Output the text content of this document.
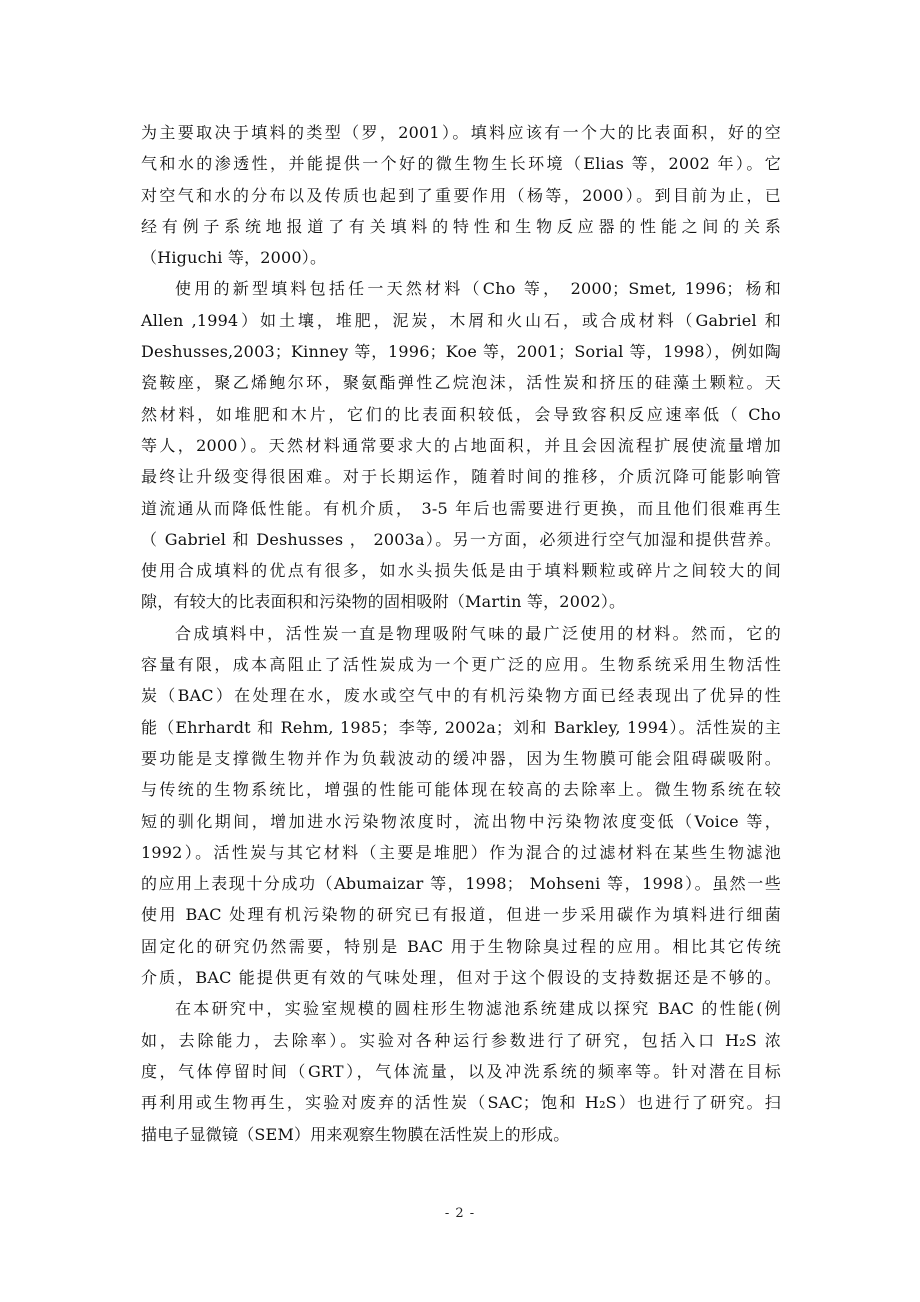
为主要取决于填料的类型（罗，2001）。填料应该有一个大的比表面积，好的空
气和水的渗透性，并能提供一个好的微生物生长环境（Elias 等，2002 年）。它
对空气和水的分布以及传质也起到了重要作用（杨等，2000）。到目前为止，已
经有例子系统地报道了有关填料的特性和生物反应器的性能之间的关系
（Higuchi 等，2000）。
使用的新型填料包括任一天然材料（Cho 等， 2000；Smet, 1996；杨和
Allen ,1994）如土壤，堆肥，泥炭，木屑和火山石，或合成材料（Gabriel 和
Deshusses,2003；Kinney 等，1996；Koe 等，2001；Sorial 等，1998），例如陶
瓷鞍座，聚乙烯鲍尔环，聚氨酯弹性乙烷泡沫，活性炭和挤压的硅藻土颗粒。天
然材料，如堆肥和木片，它们的比表面积较低，会导致容积反应速率低（ Cho
等人，2000）。天然材料通常要求大的占地面积，并且会因流程扩展使流量增加
最终让升级变得很困难。对于长期运作，随着时间的推移，介质沉降可能影响管
道流通从而降低性能。有机介质， 3-5 年后也需要进行更换，而且他们很难再生
（ Gabriel 和 Deshusses ， 2003a）。另一方面，必须进行空气加湿和提供营养。
使用合成填料的优点有很多，如水头损失低是由于填料颗粒或碎片之间较大的间
隙，有较大的比表面积和污染物的固相吸附（Martin 等，2002）。
合成填料中，活性炭一直是物理吸附气味的最广泛使用的材料。然而，它的
容量有限，成本高阻止了活性炭成为一个更广泛的应用。生物系统采用生物活性
炭（BAC）在处理在水，废水或空气中的有机污染物方面已经表现出了优异的性
能（Ehrhardt 和 Rehm, 1985；李等, 2002a；刘和 Barkley, 1994）。活性炭的主
要功能是支撑微生物并作为负载波动的缓冲器，因为生物膜可能会阻碍碳吸附。
与传统的生物系统比，增强的性能可能体现在较高的去除率上。微生物系统在较
短的驯化期间，增加进水污染物浓度时，流出物中污染物浓度变低（Voice 等，
1992）。活性炭与其它材料（主要是堆肥）作为混合的过滤材料在某些生物滤池
的应用上表现十分成功（Abumaizar 等，1998； Mohseni 等，1998）。虽然一些
使用 BAC 处理有机污染物的研究已有报道，但进一步采用碳作为填料进行细菌
固定化的研究仍然需要，特别是 BAC 用于生物除臭过程的应用。相比其它传统
介质，BAC 能提供更有效的气味处理，但对于这个假设的支持数据还是不够的。
在本研究中，实验室规模的圆柱形生物滤池系统建成以探究 BAC 的性能(例
如，去除能力，去除率）。实验对各种运行参数进行了研究，包括入口 H₂S 浓
度，气体停留时间（GRT），气体流量，以及冲洗系统的频率等。针对潜在目标
再利用或生物再生，实验对废弃的活性炭（SAC；饱和 H₂S）也进行了研究。扫
描电子显微镜（SEM）用来观察生物膜在活性炭上的形成。
- 2 -
